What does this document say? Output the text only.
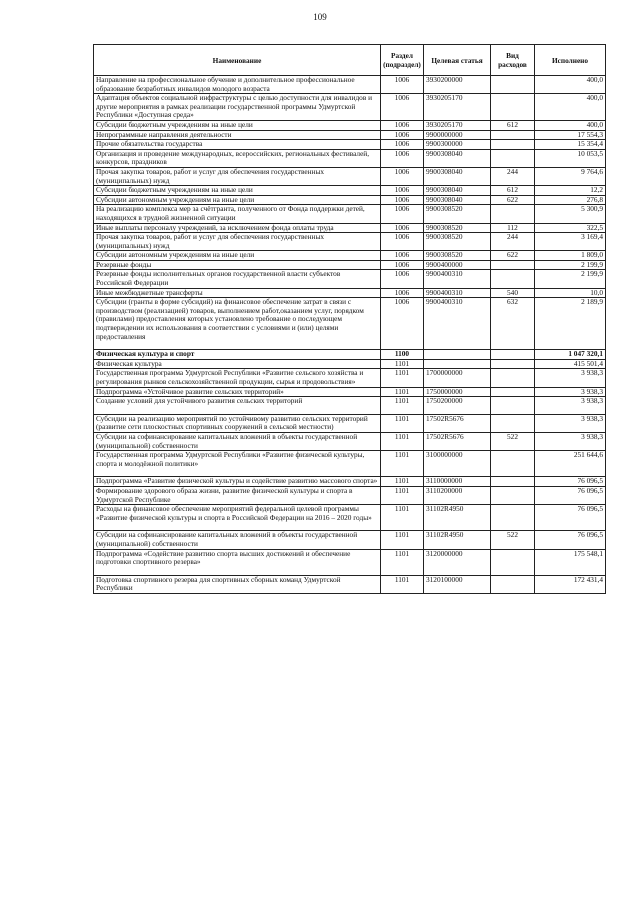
109
Наименование	Раздел (подраздел)	Целевая статья	Вид расходов	Исполнено
Направление на профессиональное обучение и дополнительное профессиональное образование безработных инвалидов молодого возраста	1006	3930200000		400,0
Адаптация объектов социальной инфраструктуры с целью доступности для инвалидов и другие мероприятия в рамках реализации государственной программы Удмуртской Республики «Доступная среда»	1006	3930205170		400,0
Субсидии бюджетным учреждениям на иные цели	1006	3930205170	612	400,0
Непрограммные направления деятельности	1006	9900000000		17 554,3
Прочие обязательства государства	1006	9900300000		15 354,4
Организация и проведение международных, всероссийских, региональных фестивалей, конкурсов, праздников	1006	9900308040		10 053,5
Прочая закупка товаров, работ и услуг для обеспечения государственных (муниципальных) нужд	1006	9900308040	244	9 764,6
Субсидии бюджетным учреждениям на иные цели	1006	9900308040	612	12,2
Субсидии автономным учреждениям на иные цели	1006	9900308040	622	276,8
На реализацию комплекса мер за счётгранта, полученного от Фонда поддержки детей, находящихся в трудной жизненной ситуации	1006	9900308520		5 300,9
Иные выплаты персоналу учреждений, за исключением фонда оплаты труда	1006	9900308520	112	322,5
Прочая закупка товаров, работ и услуг для обеспечения государственных (муниципальных) нужд	1006	9900308520	244	3 169,4
Субсидии автономным учреждениям на иные цели	1006	9900308520	622	1 809,0
Резервные фонды	1006	9900400000		2 199,9
Резервные фонды исполнительных органов государственной власти субъектов Российской Федерации	1006	9900400310		2 199,9
Иные межбюджетные трансферты	1006	9900400310	540	10,0
Субсидии (гранты в форме субсидий) на финансовое обеспечение затрат в связи с производством (реализацией) товаров, выполнением работ,оказанием услуг, порядком (правилами) предоставления которых установлено требование о последующем подтверждении их использования в соответствии с условиями и (или) целями предоставления	1006	9900400310	632	2 189,9
Физическая культура и спорт	1100			1 047 320,1
Физическая культура	1101			415 501,4
Государственная программа Удмуртской Республики «Развитие сельского хозяйства и регулирования рынков сельскохозяйственной продукции, сырья и продовольствия»	1101	1700000000		3 938,3
Подпрограмма «Устойчивое развитие сельских территорий»	1101	1750000000		3 938,3
Создание условий для устойчивого развития сельских территорий	1101	1750200000		3 938,3
Субсидии на реализацию мероприятий по устойчивому развитию сельских территорий (развитие сети плоскостных спортивных сооружений в сельской местности)	1101	17502R5676		3 938,3
Субсидии на софинансирование капитальных вложений в объекты государственной (муниципальной) собственности	1101	17502R5676	522	3 938,3
Государственная программа Удмуртской Республики «Развитие физической культуры, спорта и молодёжной политики»	1101	3100000000		251 644,6
Подпрограмма «Развитие физической культуры и содействие развитию массового спорта»	1101	3110000000		76 096,5
Формирование здорового образа жизни, развитие физической культуры и спорта в Удмуртской Республике	1101	3110200000		76 096,5
Расходы на финансовое обеспечение мероприятий федеральной целевой программы «Развитие физической культуры и спорта в Российской Федерации на 2016 – 2020 годы»	1101	31102R4950		76 096,5
Субсидии на софинансирование капитальных вложений в объекты государственной (муниципальной) собственности	1101	31102R4950	522	76 096,5
Подпрограмма «Содействие развитию спорта высших достижений и обеспечение подготовки спортивного резерва»	1101	3120000000		175 548,1
Подготовка спортивного резерва для спортивных сборных команд Удмуртской Республики	1101	3120100000		172 431,4
